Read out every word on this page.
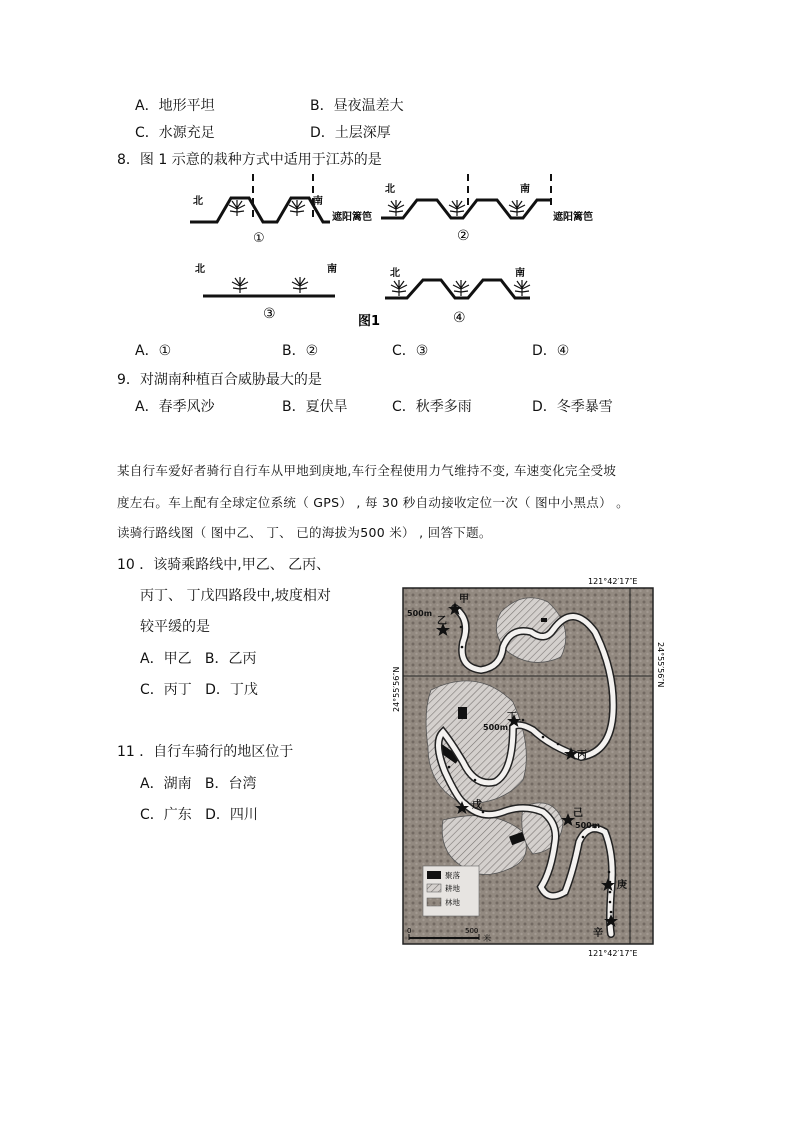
A．地形平坦	B．昼夜温差大
C．水源充足	D．土层深厚
8．图 1 示意的栽种方式中适用于江苏的是
北	南
①
遮阳篱笆
北	南
②
遮阳篱笆
北	南
③
北	南
④
图1
A．①	B．②	C．③	D．④
9．对湖南种植百合威胁最大的是
A．春季风沙	B．夏伏旱	C．秋季多雨	D．冬季暴雪
某自行车爱好者骑行自行车从甲地到庚地,车行全程使用力气维持不变, 车速变化完全受坡
度左右。车上配有全球定位系统（ GPS） , 每 30 秒自动接收定位一次（ 图中小黑点） 。
读骑行路线图（ 图中乙、 丁、 已的海拔为500 米） , 回答下题。
10 ．该骑乘路线中,甲乙、 乙丙、
丙丁、 丁戊四路段中,坡度相对
较平缓的是
A．甲乙   B．乙丙
C．丙丁   D．丁戊
11 ．自行车骑行的地区位于
A．湖南   B．台湾
C．广东   D．四川
121°42′17″E
121°42′17″E
24°55′56″N
24°55′56″N
甲
乙
丙
丁
戊
己
庚
辛
500m
500m
500m
聚落
耕地
林地
0	500
米
